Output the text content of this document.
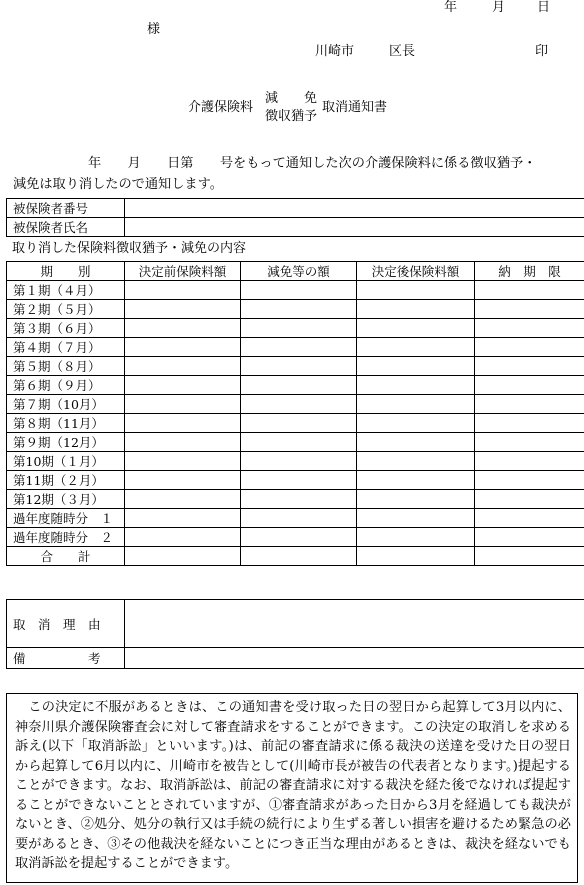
年	月 日
様
川崎市	区長	印
介護保険料
減　　免
徴収猶予
取消通知書
年　　月　　日第　　号をもって通知した次の介護保険料に係る徴収猶予・
減免は取り消したので通知します。
被保険者番号	
被保険者氏名	
取り消した保険料徴収猶予・減免の内容
期　　別	決定前保険料額	減免等の額	決定後保険料額	納　期　限
第１期（４月）				
第２期（５月）				
第３期（６月）				
第４期（７月）				
第５期（８月）				
第６期（９月）				
第７期（10月）				
第８期（11月）				
第９期（12月）				
第10期（１月）				
第11期（２月）				
第12期（３月）				
過年度随時分　１				
過年度随時分　２				
合　　計				
取　消　理　由	
備　　　　　考	
　この決定に不服があるときは、この通知書を受け取った日の翌日から起算して3月以内に、神奈川県介護保険審査会に対して審査請求をすることができます。この決定の取消しを求める訴え(以下「取消訴訟」といいます。)は、前記の審査請求に係る裁決の送達を受けた日の翌日から起算して6月以内に、川崎市を被告として(川崎市長が被告の代表者となります。)提起することができます。なお、取消訴訟は、前記の審査請求に対する裁決を経た後でなければ提起することができないこととされていますが、①審査請求があった日から3月を経過しても裁決がないとき、②処分、処分の執行又は手続の続行により生ずる著しい損害を避けるため緊急の必要があるとき、③その他裁決を経ないことにつき正当な理由があるときは、裁決を経ないでも取消訴訟を提起することができます。
